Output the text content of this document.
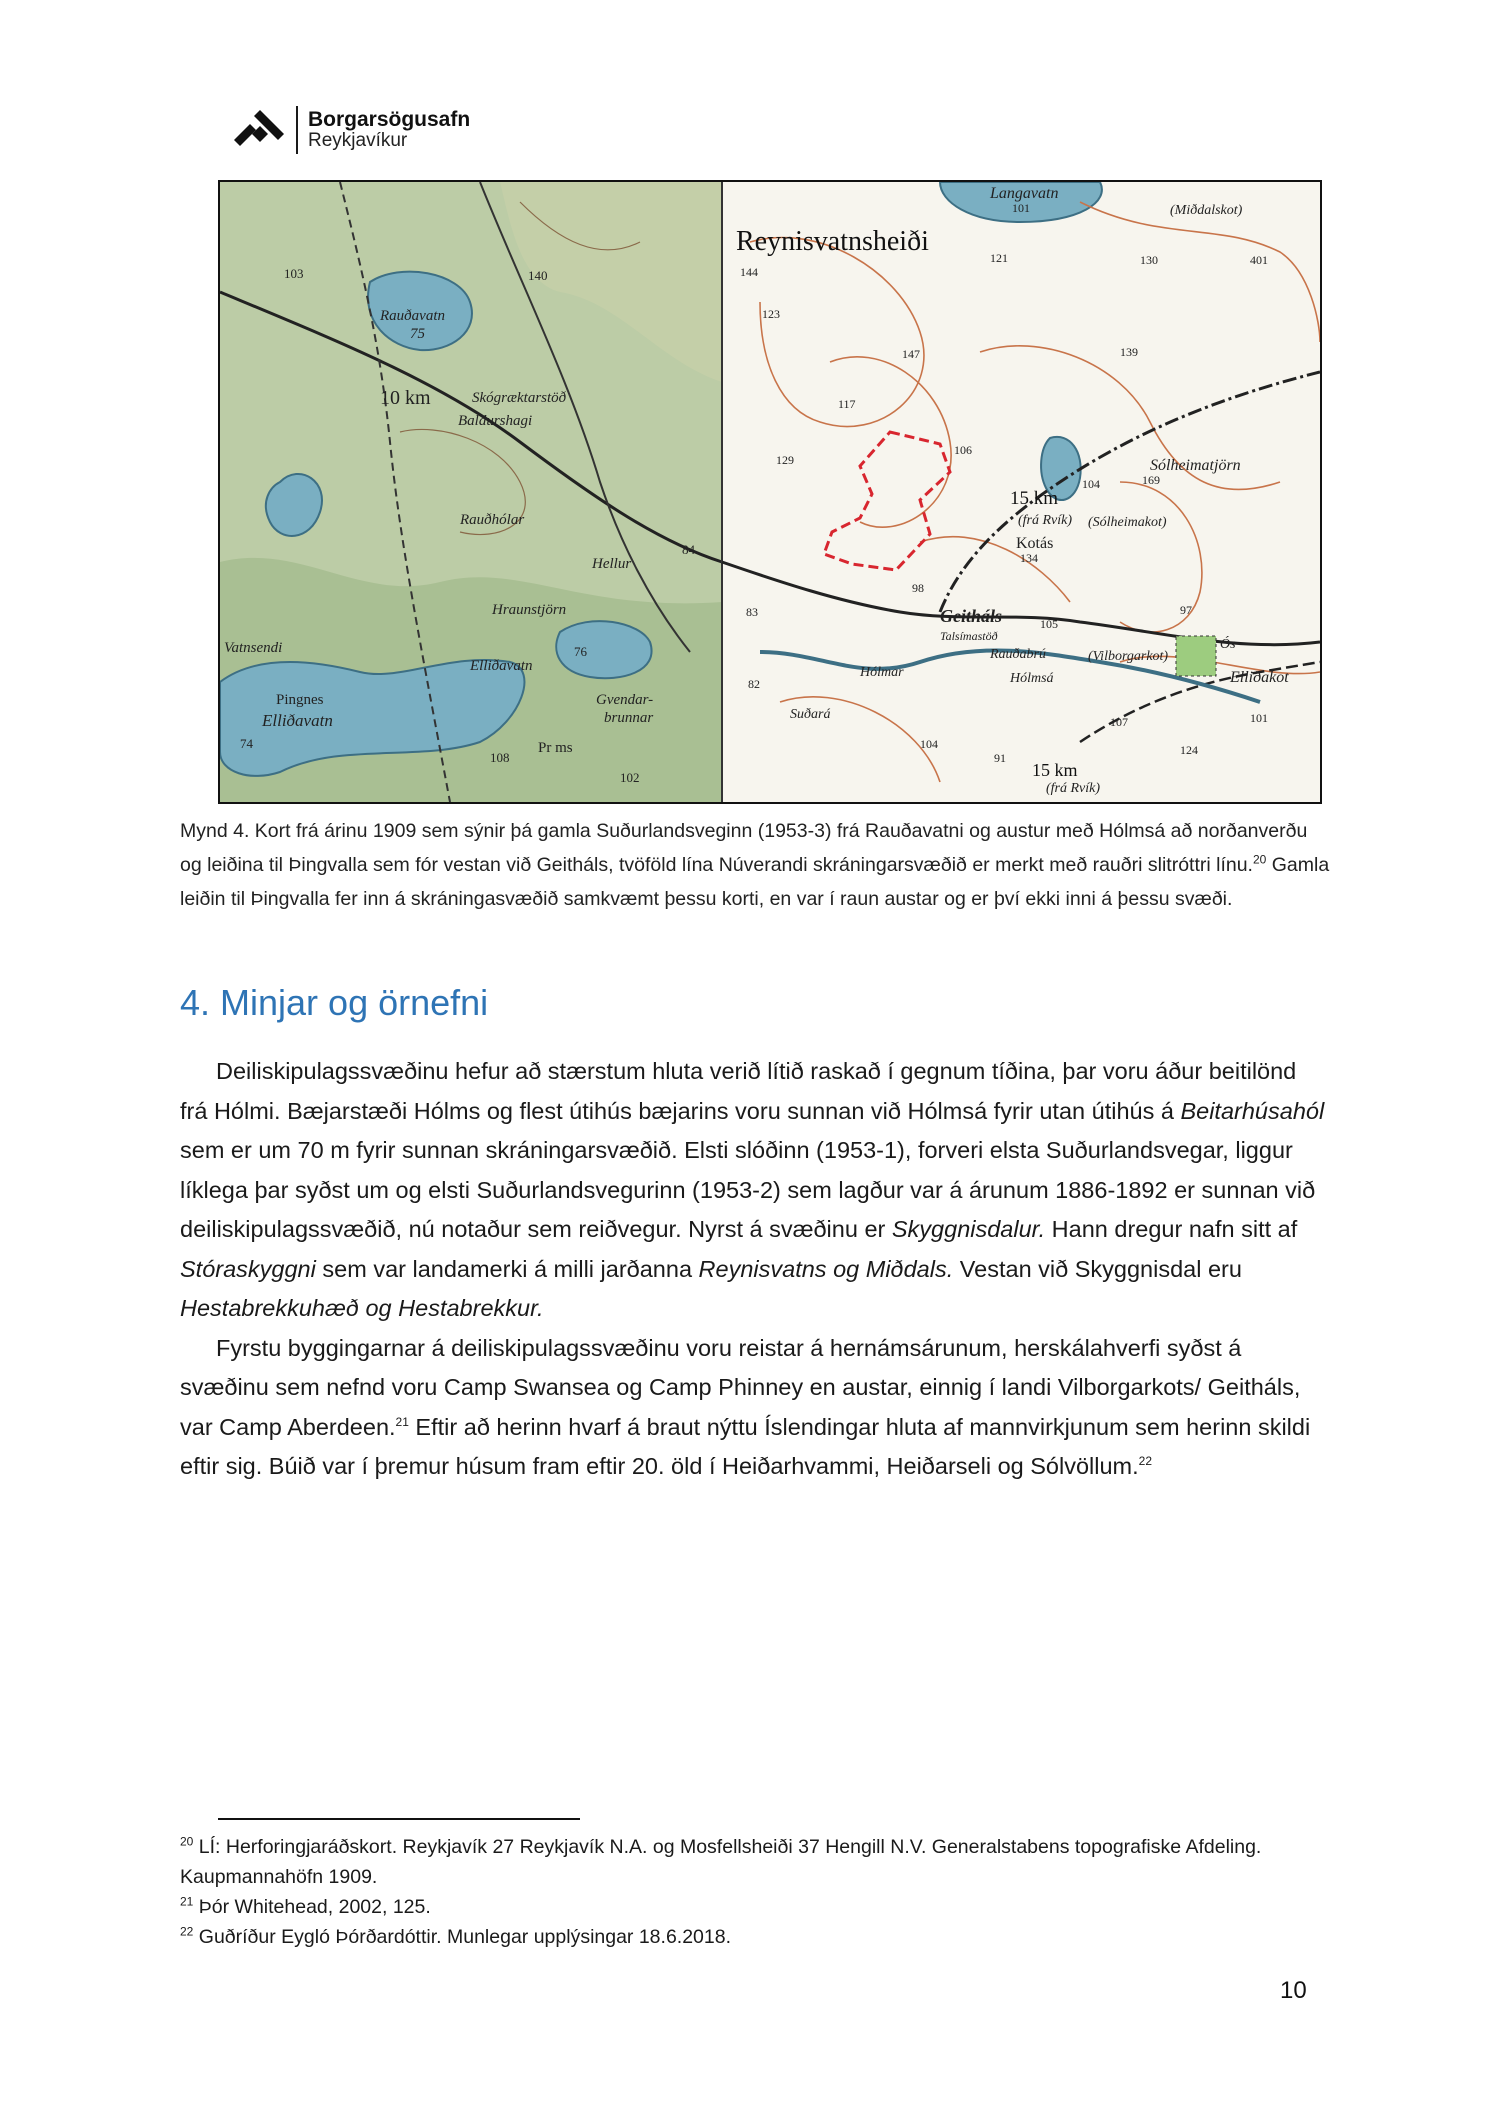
Borgarsögusafn
Reykjavíkur
Rauðavatn
75
Skógræktarstöð
Baldurshagi
Rauðhólar
Hellur
Hraunstjörn
Elliðavatn
Vatnsendi
Pingnes
Elliðavatn
Gvendar-
brunnar
Pr ms
103	140
84
76
74
108
102
10 km
Langavatn
(Miðdalskot)
Sólheimatjörn
(Sólheimakot)
(frá Rvík)
Kotás
Geitháls
Talsímastöð
Hólmar
Rauðabrú
Hólmsá
(Vilborgarkot)
Ós
Elliðakot
Suðará
(frá Rvík)
Reynisvatnsheiði
15 km
15 km
101
144
121	130	401
123
147	139
117
129
106
104	169
134
98
83
105
97
82
107	101
124
91
104
Mynd 4. Kort frá árinu 1909 sem sýnir þá gamla Suðurlandsveginn (1953-3) frá Rauðavatni og austur með Hólmsá að norðanverðu og leiðina til Þingvalla sem fór vestan við Geitháls, tvöföld lína Núverandi skráningarsvæðið er merkt með rauðri slitróttri línu.$^{20}$ Gamla leiðin til Þingvalla fer inn á skráningasvæðið samkvæmt þessu korti, en var í raun austar og er því ekki inni á þessu svæði.
4. Minjar og örnefni

Deiliskipulagssvæðinu hefur að stærstum hluta verið lítið raskað í gegnum tíðina, þar voru áður beitilönd frá Hólmi. Bæjarstæði Hólms og flest útihús bæjarins voru sunnan við Hólmsá fyrir utan útihús á Beitarhúsahól sem er um 70 m fyrir sunnan skráningarsvæðið. Elsti slóðinn (1953-1), forveri elsta Suðurlandsvegar, liggur líklega þar syðst um og elsti Suðurlandsvegurinn (1953-2) sem lagður var á árunum 1886-1892 er sunnan við deiliskipulagssvæðið, nú notaður sem reiðvegur. Nyrst á svæðinu er Skyggnisdalur. Hann dregur nafn sitt af Stóraskyggni sem var landamerki á milli jarðanna Reynisvatns og Miðdals. Vestan við Skyggnisdal eru Hestabrekkuhæð og Hestabrekkur.

Fyrstu byggingarnar á deiliskipulagssvæðinu voru reistar á hernámsárunum, herskálahverfi syðst á svæðinu sem nefnd voru Camp Swansea og Camp Phinney en austar, einnig í landi Vilborgarkots/ Geitháls, var Camp Aberdeen.$^{21}$ Eftir að herinn hvarf á braut nýttu Íslendingar hluta af mannvirkjunum sem herinn skildi eftir sig. Búið var í þremur húsum fram eftir 20. öld í Heiðarhvammi, Heiðarseli og Sólvöllum.$^{22}$

$^{20}$ LÍ: Herforingjaráðskort. Reykjavík 27 Reykjavík N.A. og Mosfellsheiði 37 Hengill N.V. Generalstabens topografiske Afdeling. Kaupmannahöfn 1909.

$^{21}$ Þór Whitehead, 2002, 125.

$^{22}$ Guðríður Eygló Þórðardóttir. Munlegar upplýsingar 18.6.2018.

10
